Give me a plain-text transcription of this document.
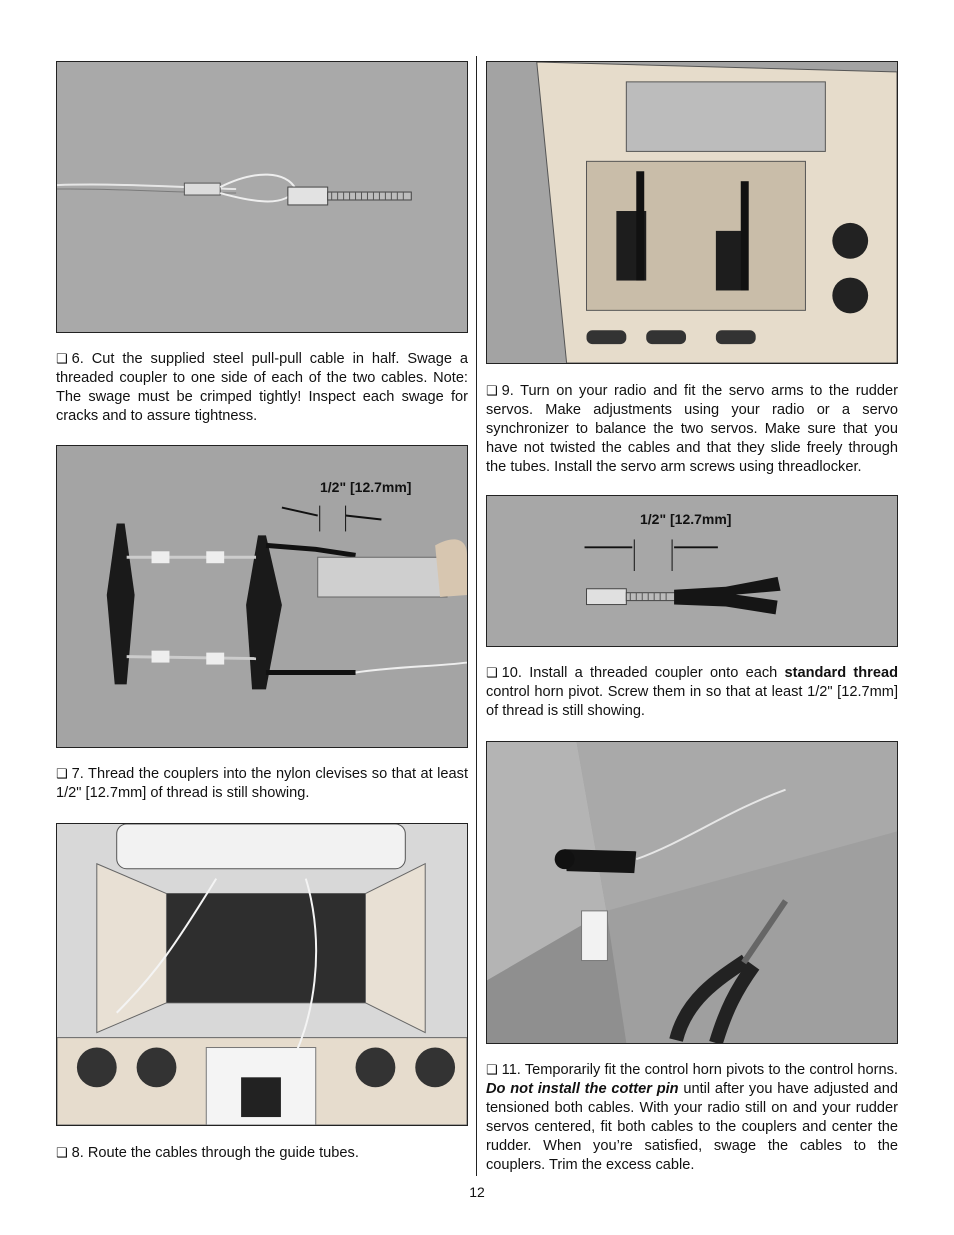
❑ 6. Cut the supplied steel pull-pull cable in half. Swage a threaded coupler to one side of each of the two cables. Note: The swage must be crimped tightly! Inspect each swage for cracks and to assure tightness.

1/2" [12.7mm]

❑ 7. Thread the couplers into the nylon clevises so that at least 1/2" [12.7mm] of thread is still showing.

❑ 8. Route the cables through the guide tubes.

❑ 9. Turn on your radio and fit the servo arms to the rudder servos. Make adjustments using your radio or a servo synchronizer to balance the two servos. Make sure that you have not twisted the cables and that they slide freely through the tubes. Install the servo arm screws using threadlocker.

1/2" [12.7mm]

❑ 10. Install a threaded coupler onto each standard thread control horn pivot. Screw them in so that at least 1/2" [12.7mm] of thread is still showing.

❑ 11. Temporarily fit the control horn pivots to the control horns. Do not install the cotter pin until after you have adjusted and tensioned both cables. With your radio still on and your rudder servos centered, fit both cables to the couplers and center the rudder. When you’re satisfied, swage the cables to the couplers. Trim the excess cable.

12
